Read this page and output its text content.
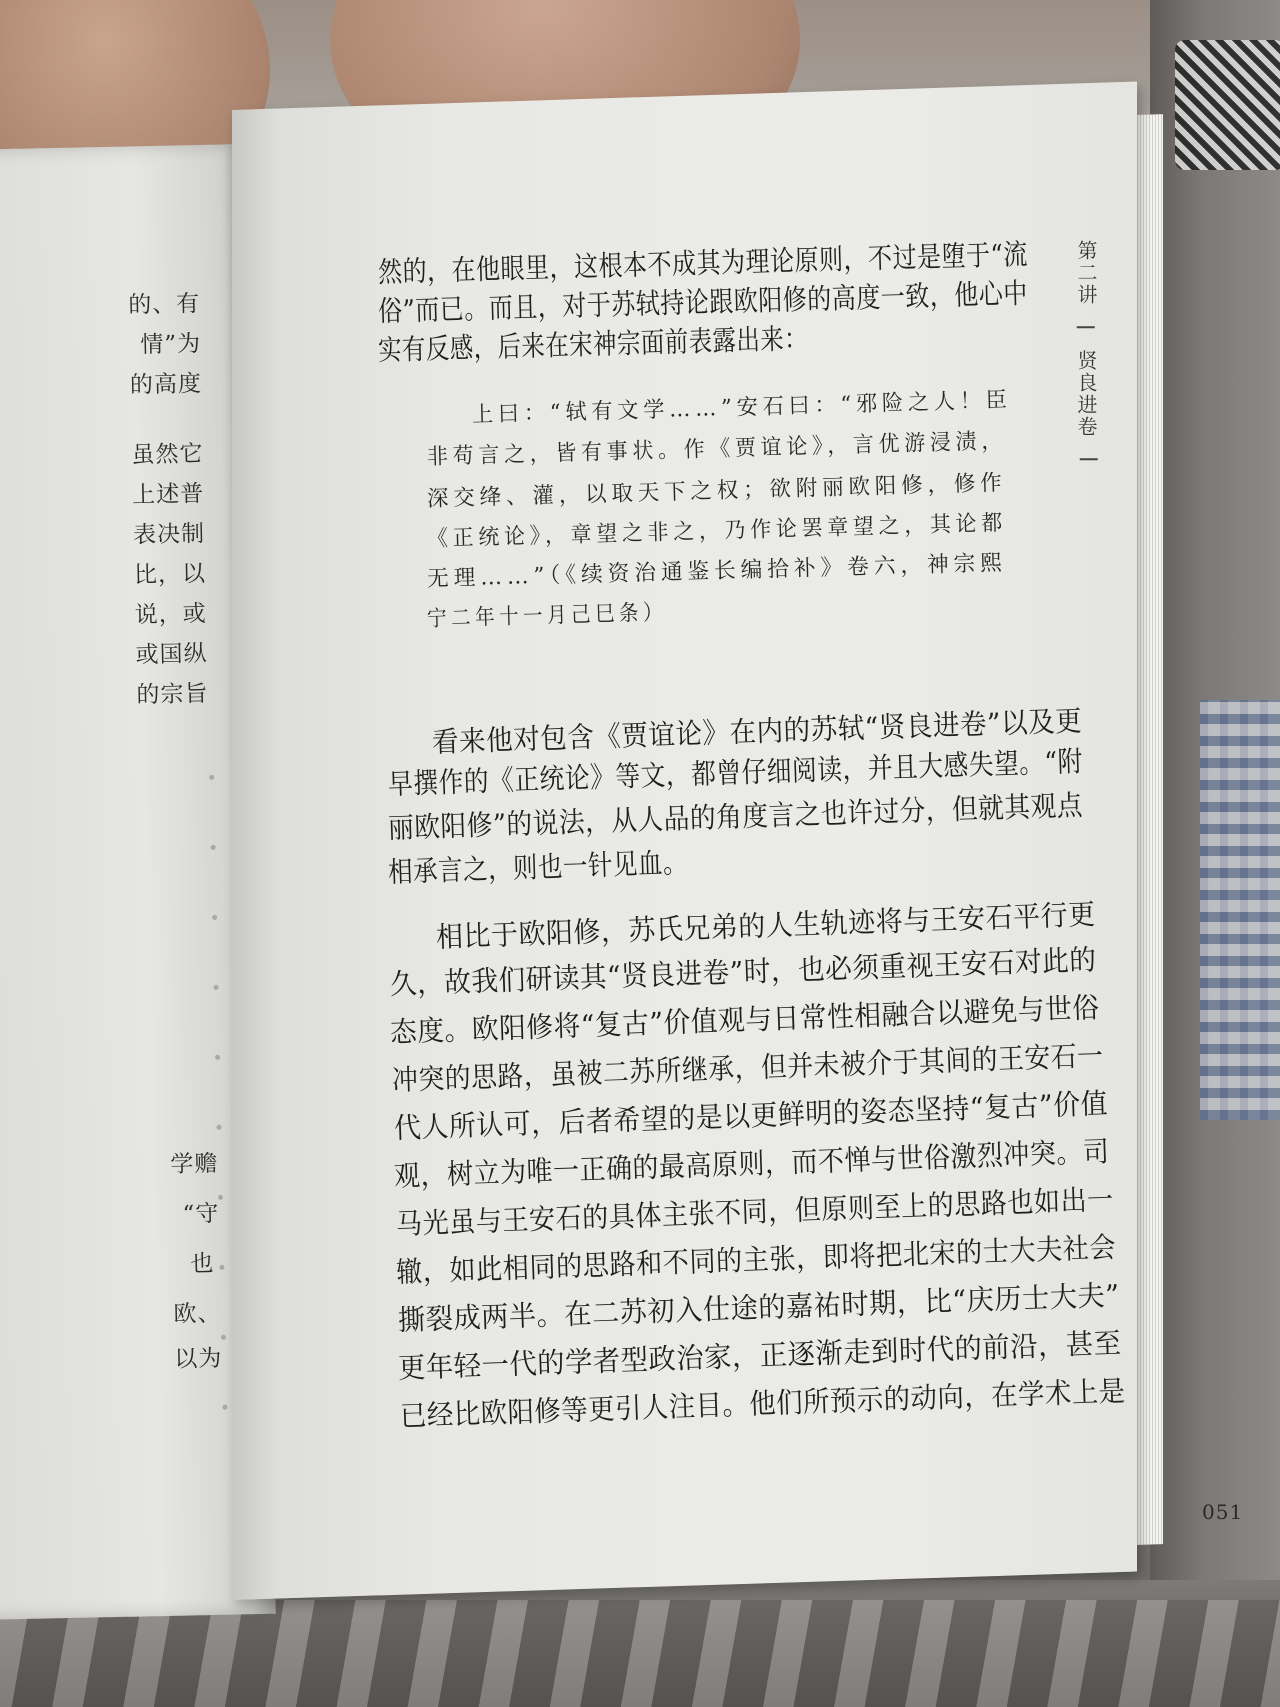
的、有
情”为
的高度
虽然它
上述普
表决制
比，以
说，或
或国纵
的宗旨
学赡
“守
也
欧、
以为
然的，在他眼里，这根本不成其为理论原则，不过是堕于“流
俗”而已。而且，对于苏轼持论跟欧阳修的高度一致，他心中
实有反感，后来在宋神宗面前表露出来：
上曰：“轼有文学……”安石曰：“邪险之人！臣
非苟言之，皆有事状。作《贾谊论》，言优游浸渍，
深交绛、灌，以取天下之权；欲附丽欧阳修，修作
《正统论》，章望之非之，乃作论罢章望之，其论都
无理……”（《续资治通鉴长编拾补》卷六，神宗熙
宁二年十一月己巳条）
看来他对包含《贾谊论》在内的苏轼“贤良进卷”以及更
早撰作的《正统论》等文，都曾仔细阅读，并且大感失望。“附
丽欧阳修”的说法，从人品的角度言之也许过分，但就其观点
相承言之，则也一针见血。
相比于欧阳修，苏氏兄弟的人生轨迹将与王安石平行更
久，故我们研读其“贤良进卷”时，也必须重视王安石对此的
态度。欧阳修将“复古”价值观与日常性相融合以避免与世俗
冲突的思路，虽被二苏所继承，但并未被介于其间的王安石一
代人所认可，后者希望的是以更鲜明的姿态坚持“复古”价值
观，树立为唯一正确的最高原则，而不惮与世俗激烈冲突。司
马光虽与王安石的具体主张不同，但原则至上的思路也如出一
辙，如此相同的思路和不同的主张，即将把北宋的士大夫社会
撕裂成两半。在二苏初入仕途的嘉祐时期，比“庆历士大夫”
更年轻一代的学者型政治家，正逐渐走到时代的前沿，甚至
已经比欧阳修等更引人注目。他们所预示的动向，在学术上是
第二讲
贤良进卷
051
